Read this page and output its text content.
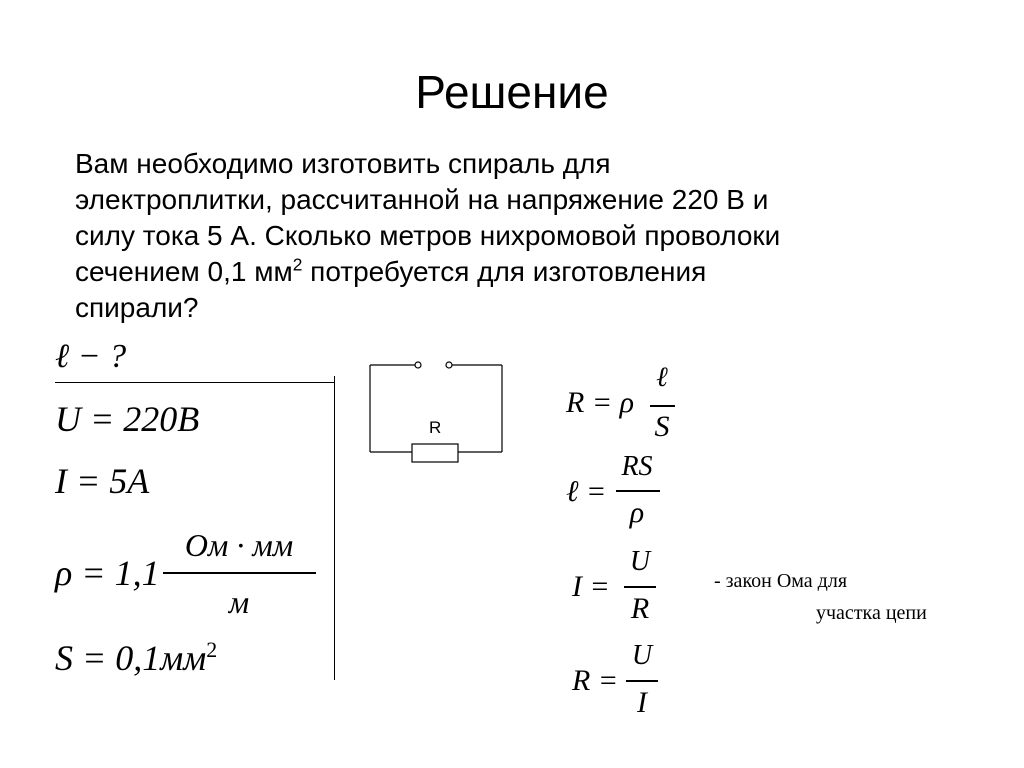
Решение
Вам необходимо изготовить спираль для
электроплитки, рассчитанной на напряжение 220 В и
силу тока 5 А. Сколько метров нихромовой проволоки
сечением 0,1 $мм^2$ потребуется для изготовления
спирали?
ℓ − ?
U = 220B
I = 5A
ρ = 1,1
Ом · мм
м
$S = 0,1мм^2$
R
R = ρ
ℓ
S
ℓ =
RS
ρ
I =
U
R
R =
U
I
- закон Ома для
участка цепи
